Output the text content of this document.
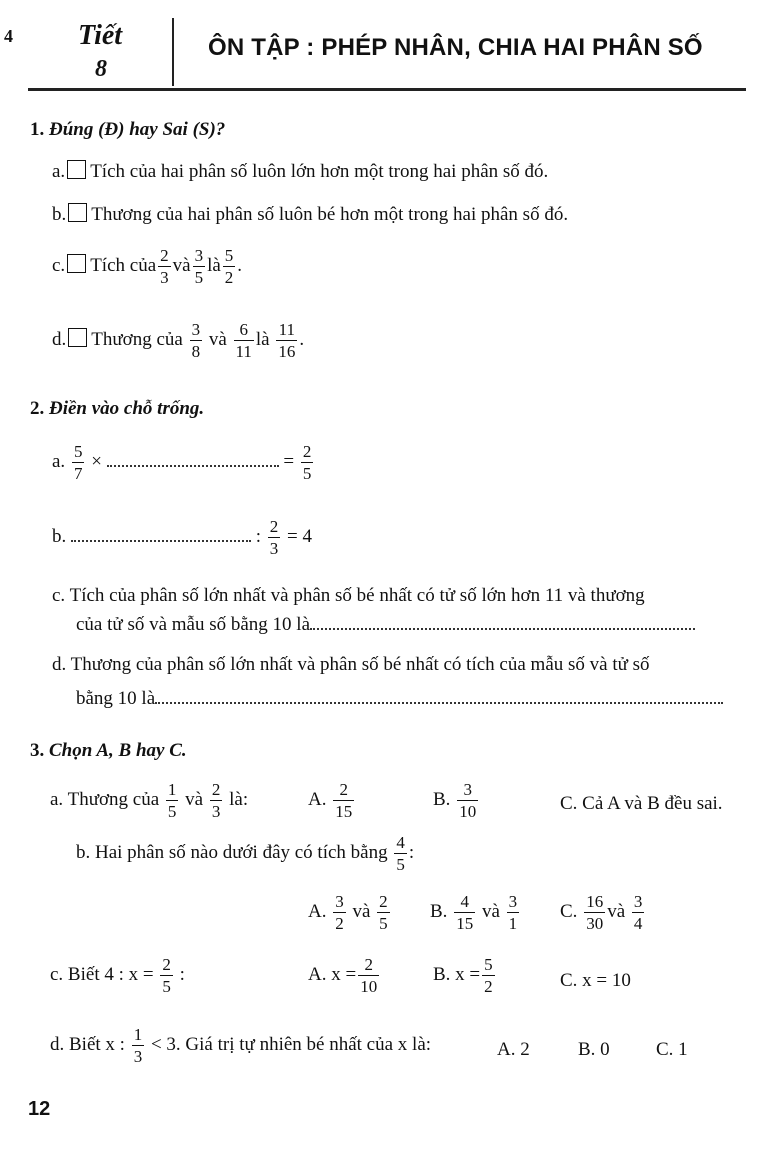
4 Tiết
8
ÔN TẬP : PHÉP NHÂN, CHIA HAI PHÂN SỐ
1. Đúng (Đ) hay Sai (S)?
a. Tích của hai phân số luôn lớn hơn một trong hai phân số đó.
b. Thương của hai phân số luôn bé hơn một trong hai phân số đó.
c. Tích của $\frac{2}{3}$ và $\frac{3}{5}$ là $\frac{5}{2}$ .
d. Thương của $\frac{3}{8}$ và $\frac{6}{11}$ là $\frac{11}{16}$ .
2. Điền vào chỗ trống.
a. $\frac{5}{7}$ ×	= $\frac{2}{5}$
b.	: $\frac{2}{3} = 4$
c. Tích của phân số lớn nhất và phân số bé nhất có tử số lớn hơn 11 và thương
của tử số và mẫu số bằng 10 là
d. Thương của phân số lớn nhất và phân số bé nhất có tích của mẫu số và tử số
bằng 10 là
3. Chọn A, B hay C.
a. Thương của $\frac{1}{5}$ và $\frac{2}{3}$ là:	A. $\frac{2}{15}$	B. $\frac{3}{10}$	C. Cả A và B đều sai.
b. Hai phân số nào dưới đây có tích bằng $\frac{4}{5}$ :
A. $\frac{3}{2}$ và $\frac{2}{5} B$. $\frac{4}{15}$ và $\frac{3}{1} C$. $\frac{16}{30}$ và $\frac{3}{4}$
c. Biết 4 : $x = \frac{2}{5}$ :	A. $x = \frac{2}{10}$	B. $x = \frac{5}{2}$	C. x = 10
d. Biết x : $\frac{1}{3} < 3$. Giá trị tự nhiên bé nhất của x là:	A. 2	B. 0 C. 1
12
